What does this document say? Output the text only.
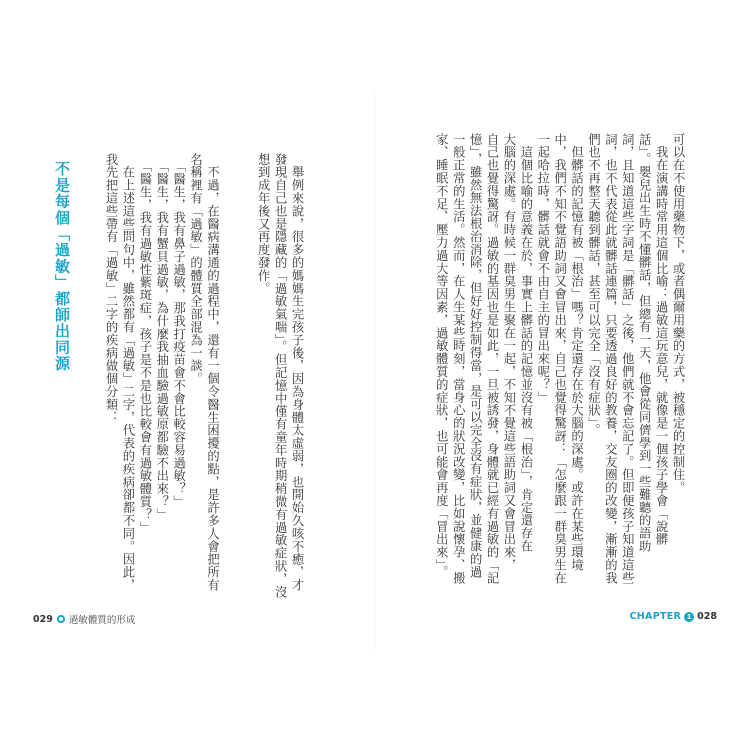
可以在不使用藥物下，或者偶爾用藥的方式，被穩定的控制住。
　我在演講時常用這個比喻：過敏這玩意兒，就像是一個孩子學會「說髒
話」。嬰兒出生時不懂髒話，但總有一天，他會從同儕學到一些難聽的語助
詞，且知道這些字詞是「髒話」之後，他們就不會忘記了。但即便孩子知道這些
詞，也不代表從此就髒話連篇，只要透過良好的教養，交友圈的改變，漸漸的我
們也不再整天聽到髒話，甚至可以完全「沒有症狀」。
　但髒話的記憶有被「根治」嗎？肯定還存在於大腦的深處。或許在某些環境
中，我們不知不覺語助詞又會冒出來，自己也覺得驚訝：「怎麼跟一群臭男生在
一起哈拉時，髒話就會不由自主的冒出來呢？」
　這個比喻的意義在於，事實上髒話的記憶並沒有被「根治」，肯定還存在
大腦的深處。有時候一群臭男生聚在一起，不知不覺這些語助詞又會冒出來，
自己也覺得驚訝。過敏的基因也是如此，一旦被誘發，身體就已經有過敏的「記
憶」，雖然無法根治消除，但好好控制得當，是可以完全沒有症狀，並健康的過
一般正常的生活。然而，在人生某些時刻，當身心的狀況改變，比如說懷孕、搬
家、睡眠不足、壓力過大等因素，過敏體質的症狀，也可能會再度「冒出來」。
CHAPTER 1 028
　舉例來說，很多的媽媽生完孩子後，因為身體太虛弱，也開始久咳不癒，才
發現自己也是隱藏的「過敏氣喘」。但記憶中僅有童年時期稍微有過敏症狀，沒
想到成年後又再度發作。

　不過，在醫病溝通的過程中，還有一個令醫生困擾的點，是許多人會把所有
名稱裡有「過敏」的體質全部混為一談。
　「醫生，我有鼻子過敏，那我打疫苗會不會比較容易過敏？」
　「醫生，我有蟹貝過敏，為什麼我抽血驗過敏原都驗不出來？」
　「醫生，我有過敏性紫斑症，孩子是不是也比較會有過敏體質？」
　在上述這些問句中，雖然都有「過敏」二字，代表的疾病卻都不同。因此，
我先把這些帶有「過敏」二字的疾病做個分類：
不是每個「過敏」都師出同源
029 過敏體質的形成
